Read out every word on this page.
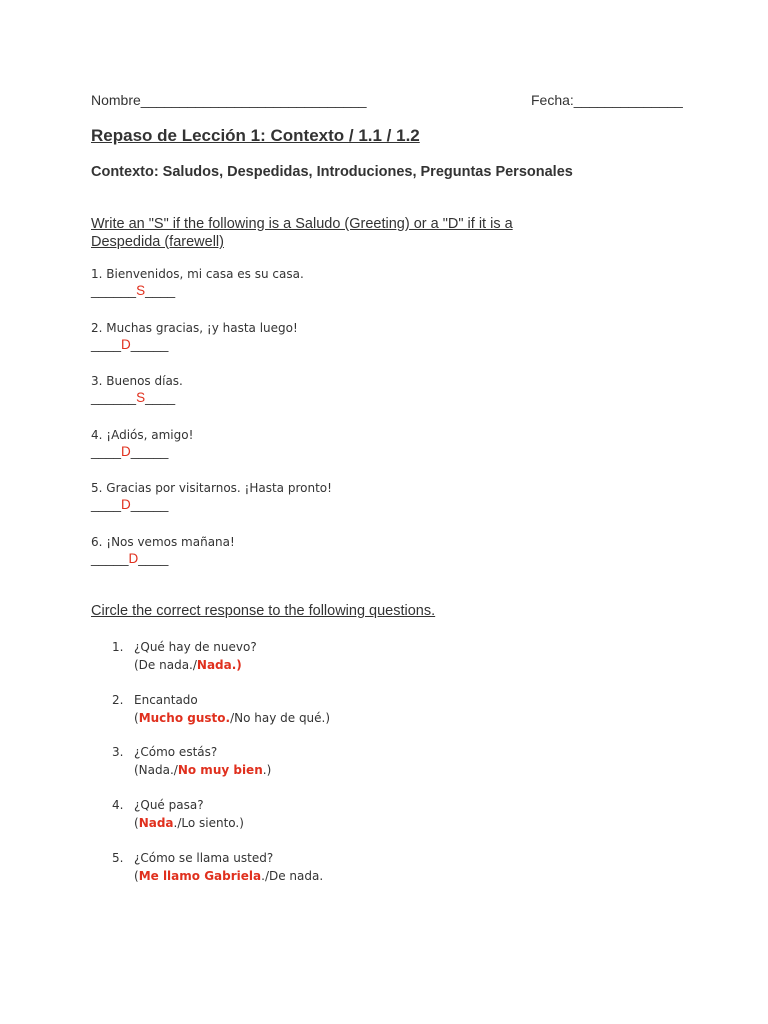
Nombre_____________________________	Fecha:______________
Repaso de Lección 1: Contexto / 1.1 / 1.2
Contexto: Saludos, Despedidas, Introduciones, Preguntas Personales
Write an "S" if the following is a Saludo (Greeting) or a "D" if it is a Despedida (farewell)
1. Bienvenidos, mi casa es su casa.
______S____
2. Muchas gracias, ¡y hasta luego!
____D_____
3. Buenos días.
______S____
4. ¡Adiós, amigo!
____D_____
5. Gracias por visitarnos. ¡Hasta pronto!
____D_____
6. ¡Nos vemos mañana!
_____D____
Circle the correct response to the following questions.
1. ¿Qué hay de nuevo?
(De nada./Nada.)
2. Encantado
(Mucho gusto./No hay de qué.)
3. ¿Cómo estás?
(Nada./No muy bien.)
4. ¿Qué pasa?
(Nada./Lo siento.)
5. ¿Cómo se llama usted?
(Me llamo Gabriela./De nada.
